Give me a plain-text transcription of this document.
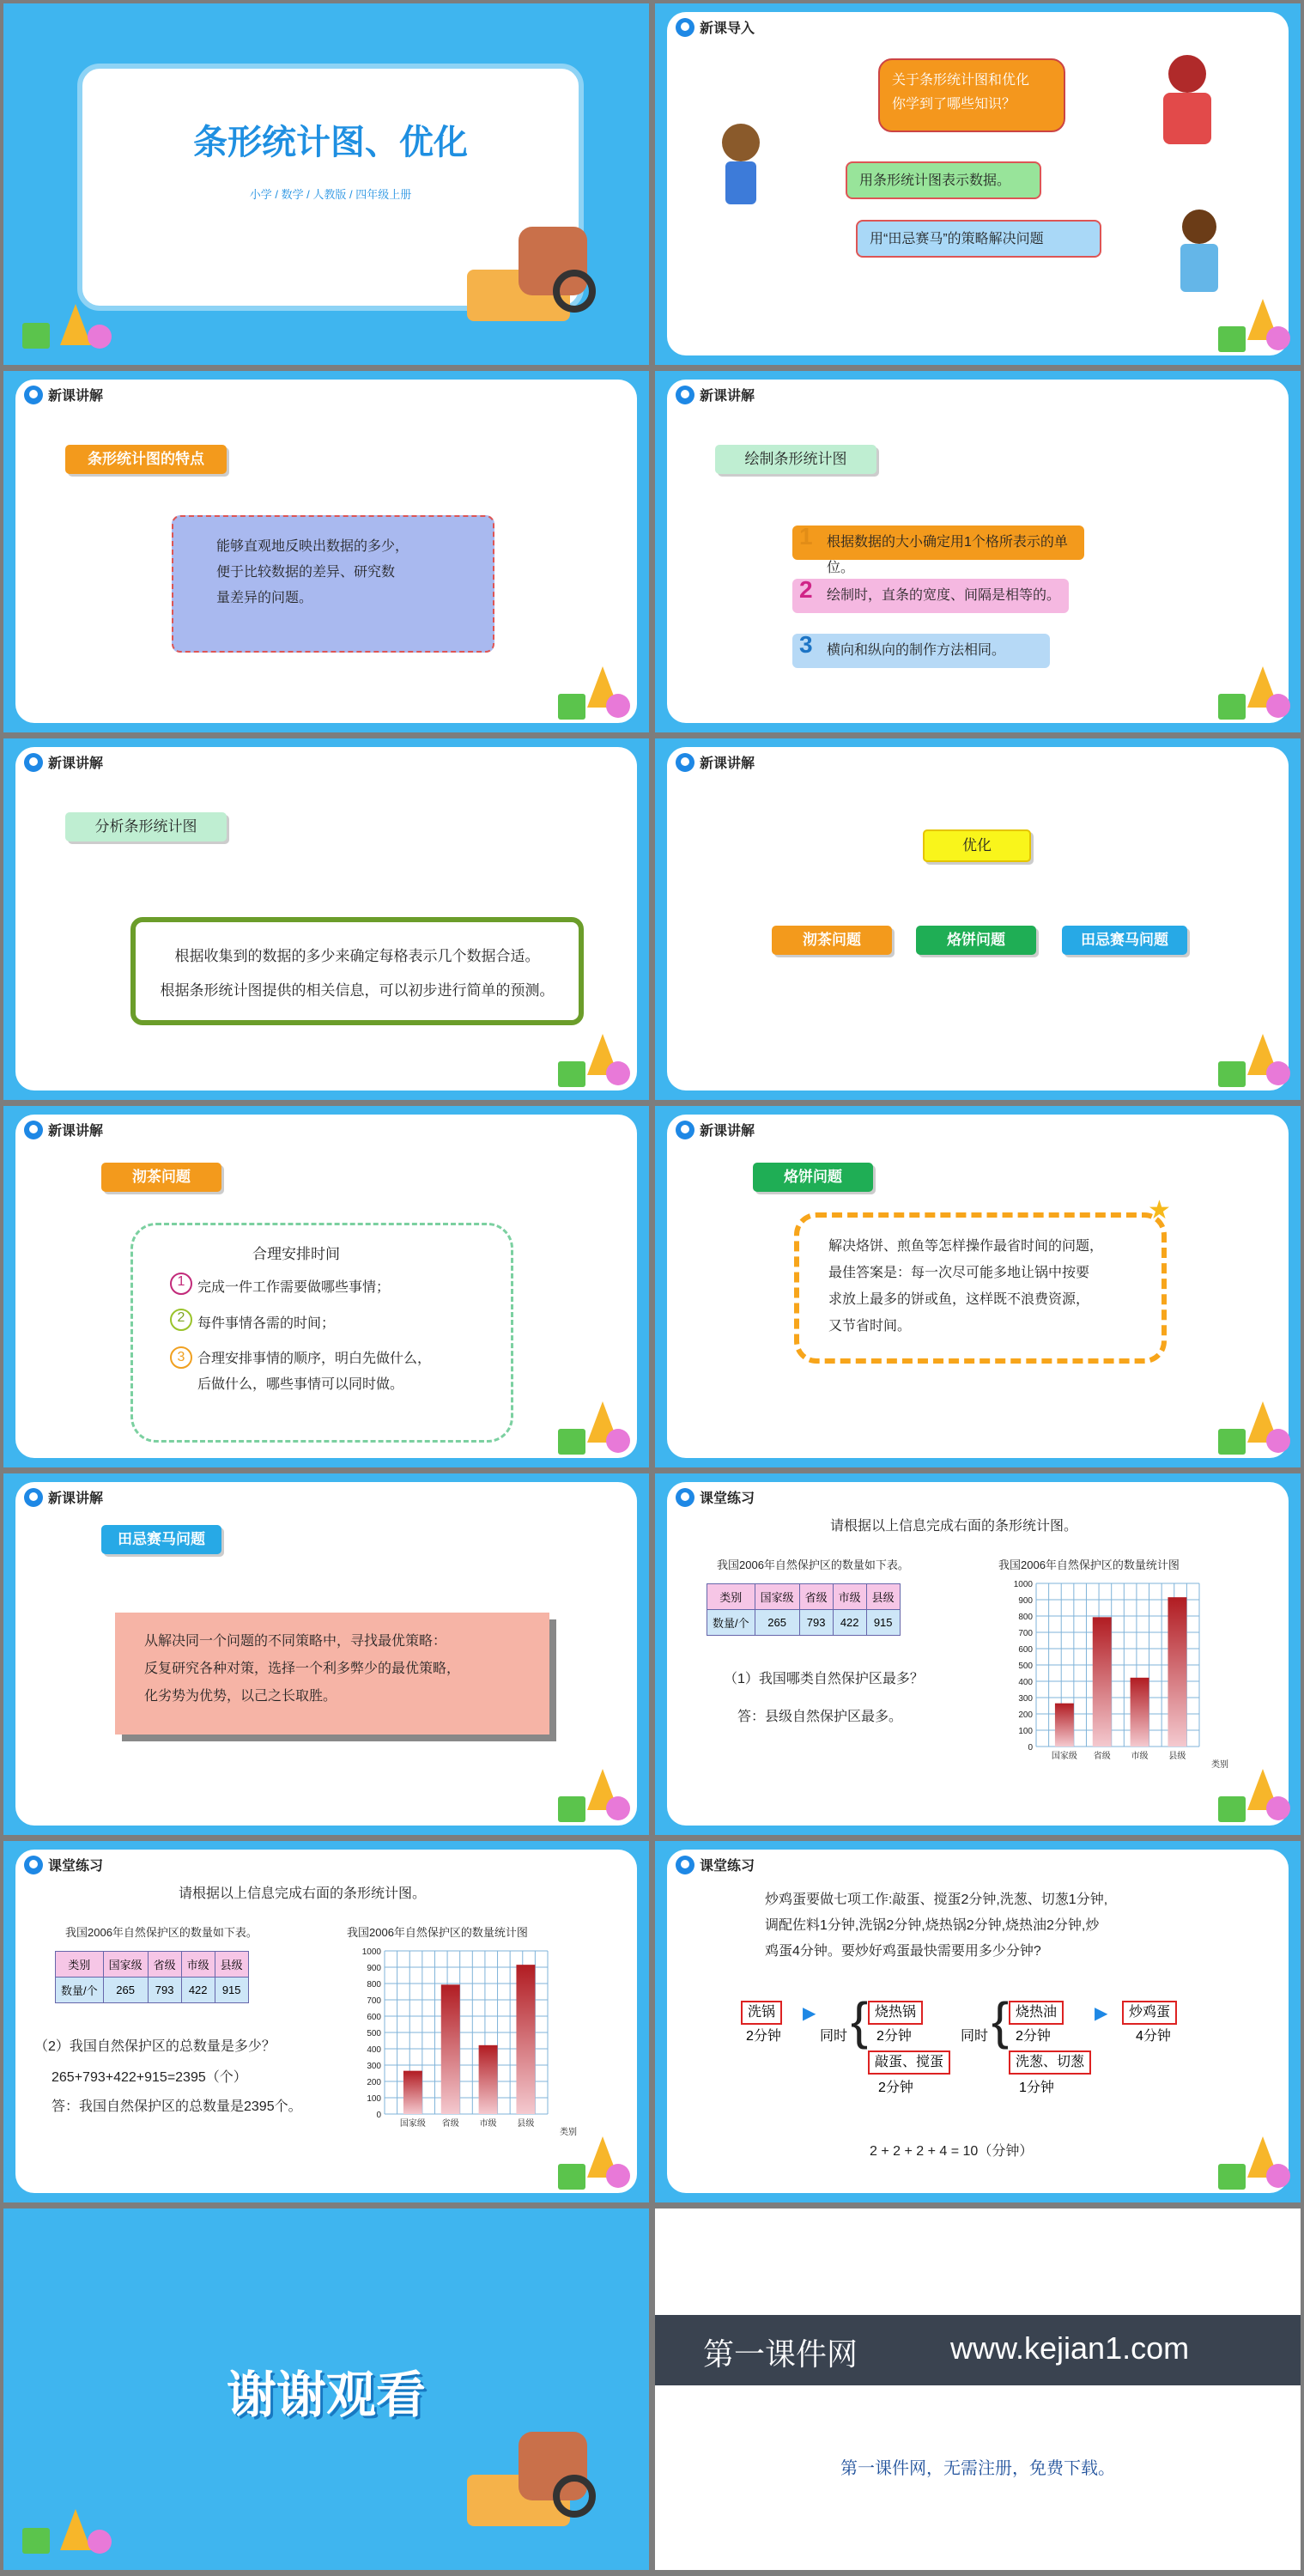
条形统计图、优化
小学 / 数学 / 人教版 / 四年级上册
新课导入
关于条形统计图和优化
你学到了哪些知识？
用条形统计图表示数据。
用“田忌赛马”的策略解决问题
新课讲解
条形统计图的特点
能够直观地反映出数据的多少，
便于比较数据的差异、研究数
量差异的问题。
新课讲解
绘制条形统计图
1 根据数据的大小确定用1个格所表示的单位。
2 绘制时，直条的宽度、间隔是相等的。
3 横向和纵向的制作方法相同。
新课讲解
分析条形统计图
根据收集到的数据的多少来确定每格表示几个数据合适。
根据条形统计图提供的相关信息，可以初步进行简单的预测。
新课讲解
优化
沏茶问题	烙饼问题	田忌赛马问题
新课讲解
沏茶问题
合理安排时间
1 完成一件工作需要做哪些事情；
2 每件事情各需的时间；
3 合理安排事情的顺序，明白先做什么，
后做什么，哪些事情可以同时做。
新课讲解
烙饼问题
解决烙饼、煎鱼等怎样操作最省时间的问题，
最佳答案是：每一次尽可能多地让锅中按要
求放上最多的饼或鱼，这样既不浪费资源，
又节省时间。
★
新课讲解
田忌赛马问题
从解决同一个问题的不同策略中，寻找最优策略：
反复研究各种对策，选择一个利多弊少的最优策略，
化劣势为优势，以己之长取胜。
课堂练习
请根据以上信息完成右面的条形统计图。
我国2006年自然保护区的数量如下表。
类别	国家级	省级	市级	县级
数量/个	265	793	422	915
（1）我国哪类自然保护区最多？
答：县级自然保护区最多。
我国2006年自然保护区的数量统计图
0
100
200
300
400
500
600
700
800
900
1000
国家级 省级 市级 县级
类别
课堂练习
请根据以上信息完成右面的条形统计图。
我国2006年自然保护区的数量如下表。
类别	国家级	省级	市级	县级
数量/个	265	793	422	915
（2）我国自然保护区的总数量是多少？
265+793+422+915=2395（个）
答：我国自然保护区的总数量是2395个。
我国2006年自然保护区的数量统计图
0
100
200
300
400
500
600
700
800
900
1000
国家级 省级 市级 县级
类别
课堂练习
炒鸡蛋要做七项工作:敲蛋、搅蛋2分钟,洗葱、切葱1分钟,
调配佐料1分钟,洗锅2分钟,烧热锅2分钟,烧热油2分钟,炒
鸡蛋4分钟。要炒好鸡蛋最快需要用多少分钟?
洗锅
2分钟
▶
同时 { 烧热锅
2分钟
敲蛋、搅蛋
2分钟
同时 { 烧热油
2分钟
洗葱、切葱
1分钟
▶	炒鸡蛋
4分钟
2 + 2 + 2 + 4 = 10（分钟）
谢谢观看
第一课件网	www.kejian1.com
第一课件网，无需注册，免费下载。
